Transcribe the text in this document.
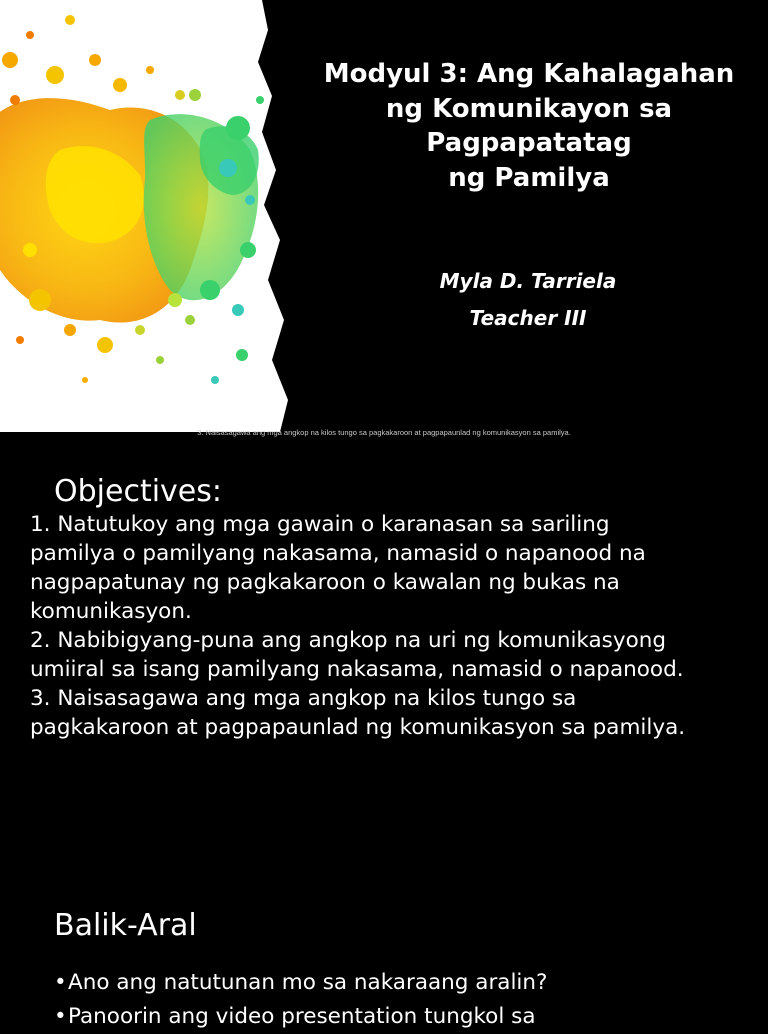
Modyul 3: Ang Kahalagahan
ng Komunikayon sa
Pagpapatatag
ng Pamilya
Myla D. Tarriela
Teacher III
3. Naisasagawa ang mga angkop na kilos tungo sa pagkakaroon at pagpapaunlad ng komunikasyon sa pamilya.
Objectives:
1. Natutukoy ang mga gawain o karanasan sa sariling
pamilya o pamilyang nakasama, namasid o napanood na
nagpapatunay ng pagkakaroon o kawalan ng bukas na
komunikasyon.
2. Nabibigyang-puna ang angkop na uri ng komunikasyong
umiiral sa isang pamilyang nakasama, namasid o napanood.
3. Naisasagawa ang mga angkop na kilos tungo sa
pagkakaroon at pagpapaunlad ng komunikasyon sa pamilya.
Balik-Aral
•Ano ang natutunan mo sa nakaraang aralin?
•Panoorin ang video presentation tungkol sa
